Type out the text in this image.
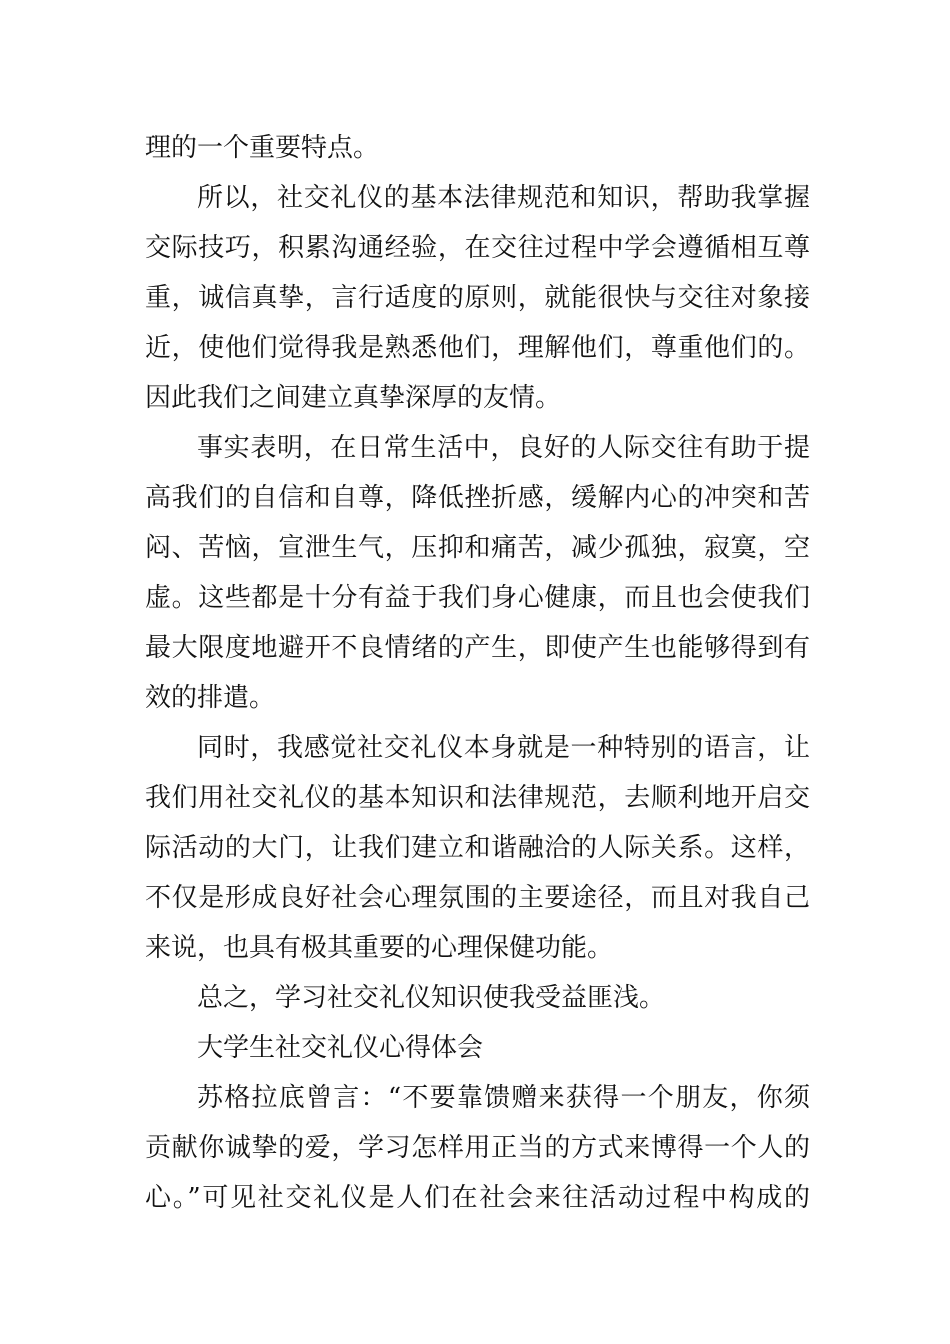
理的一个重要特点。
所以，社交礼仪的基本法律规范和知识，帮助我掌握
交际技巧，积累沟通经验，在交往过程中学会遵循相互尊
重，诚信真挚，言行适度的原则，就能很快与交往对象接
近，使他们觉得我是熟悉他们，理解他们，尊重他们的。
因此我们之间建立真挚深厚的友情。
事实表明，在日常生活中，良好的人际交往有助于提
高我们的自信和自尊，降低挫折感，缓解内心的冲突和苦
闷、苦恼，宣泄生气，压抑和痛苦，减少孤独，寂寞，空
虚。这些都是十分有益于我们身心健康，而且也会使我们
最大限度地避开不良情绪的产生，即使产生也能够得到有
效的排遣。
同时，我感觉社交礼仪本身就是一种特别的语言，让
我们用社交礼仪的基本知识和法律规范，去顺利地开启交
际活动的大门，让我们建立和谐融洽的人际关系。这样，
不仅是形成良好社会心理氛围的主要途径，而且对我自己
来说，也具有极其重要的心理保健功能。
总之，学习社交礼仪知识使我受益匪浅。
大学生社交礼仪心得体会
苏格拉底曾言：“不要靠馈赠来获得一个朋友，你须
贡献你诚挚的爱，学习怎样用正当的方式来博得一个人的
心。”可见社交礼仪是人们在社会来往活动过程中构成的
